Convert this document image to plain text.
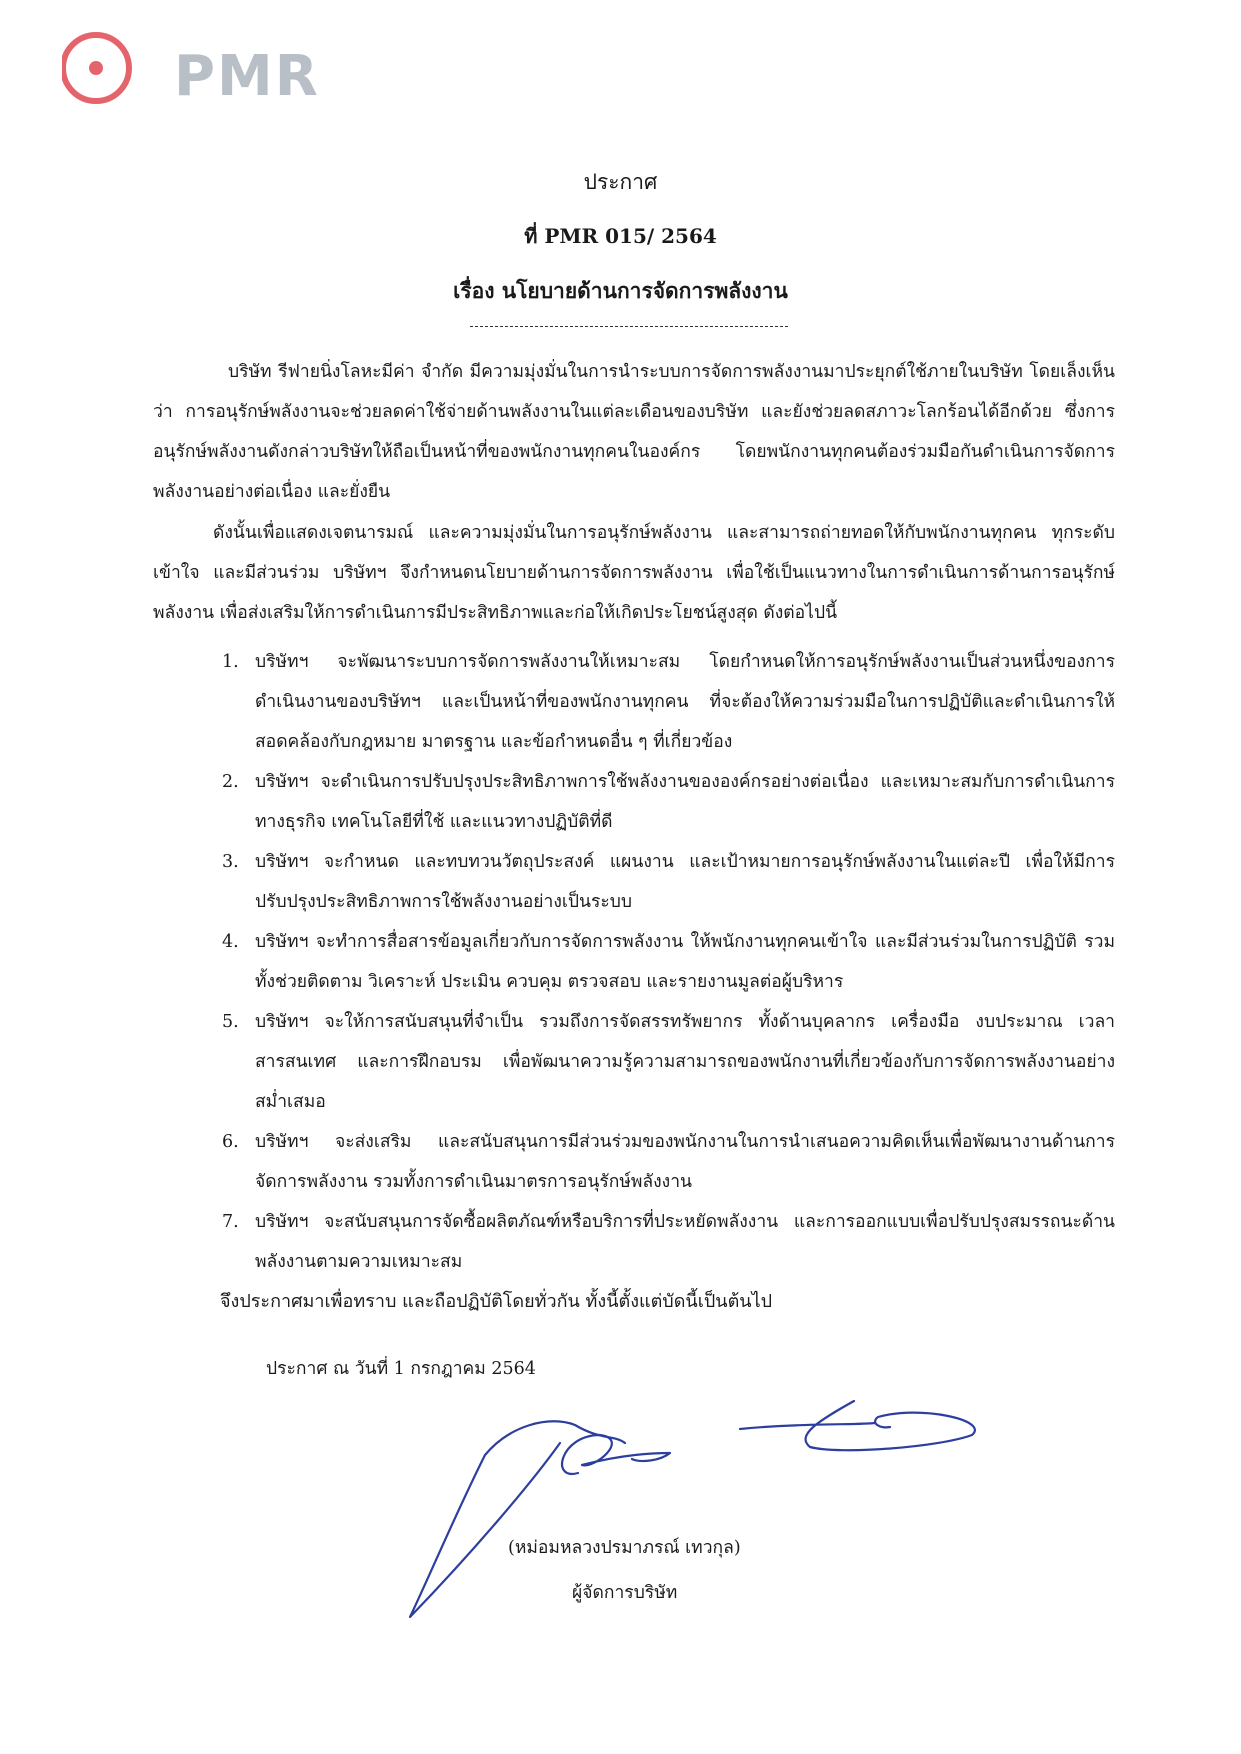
PMR
ประกาศ
ที่ PMR 015/ 2564
เรื่อง นโยบายด้านการจัดการพลังงาน

บริษัท รีฟายนิ่งโลหะมีค่า จำกัด มีความมุ่งมั่นในการนำระบบการจัดการพลังงานมาประยุกต์ใช้ภายในบริษัท โดยเล็งเห็นว่า การอนุรักษ์พลังงานจะช่วยลดค่าใช้จ่ายด้านพลังงานในแต่ละเดือนของบริษัท และยังช่วยลดสภาวะโลกร้อนได้อีกด้วย ซึ่งการอนุรักษ์พลังงานดังกล่าวบริษัทให้ถือเป็นหน้าที่ของพนักงานทุกคนในองค์กร โดยพนักงานทุกคนต้องร่วมมือกันดำเนินการจัดการพลังงานอย่างต่อเนื่อง และยั่งยืน

ดังนั้นเพื่อแสดงเจตนารมณ์ และความมุ่งมั่นในการอนุรักษ์พลังงาน และสามารถถ่ายทอดให้กับพนักงานทุกคน ทุกระดับเข้าใจ และมีส่วนร่วม บริษัทฯ จึงกำหนดนโยบายด้านการจัดการพลังงาน เพื่อใช้เป็นแนวทางในการดำเนินการด้านการอนุรักษ์พลังงาน เพื่อส่งเสริมให้การดำเนินการมีประสิทธิภาพและก่อให้เกิดประโยชน์สูงสุด ดังต่อไปนี้

1. บริษัทฯ จะพัฒนาระบบการจัดการพลังงานให้เหมาะสม โดยกำหนดให้การอนุรักษ์พลังงานเป็นส่วนหนึ่งของการดำเนินงานของบริษัทฯ และเป็นหน้าที่ของพนักงานทุกคน ที่จะต้องให้ความร่วมมือในการปฏิบัติและดำเนินการให้สอดคล้องกับกฎหมาย มาตรฐาน และข้อกำหนดอื่น ๆ ที่เกี่ยวข้อง
2. บริษัทฯ จะดำเนินการปรับปรุงประสิทธิภาพการใช้พลังงานขององค์กรอย่างต่อเนื่อง และเหมาะสมกับการดำเนินการทางธุรกิจ เทคโนโลยีที่ใช้ และแนวทางปฏิบัติที่ดี
3. บริษัทฯ จะกำหนด และทบทวนวัตถุประสงค์ แผนงาน และเป้าหมายการอนุรักษ์พลังงานในแต่ละปี เพื่อให้มีการปรับปรุงประสิทธิภาพการใช้พลังงานอย่างเป็นระบบ
4. บริษัทฯ จะทำการสื่อสารข้อมูลเกี่ยวกับการจัดการพลังงาน ให้พนักงานทุกคนเข้าใจ และมีส่วนร่วมในการปฏิบัติ รวมทั้งช่วยติดตาม วิเคราะห์ ประเมิน ควบคุม ตรวจสอบ และรายงานมูลต่อผู้บริหาร
5. บริษัทฯ จะให้การสนับสนุนที่จำเป็น รวมถึงการจัดสรรทรัพยากร ทั้งด้านบุคลากร เครื่องมือ งบประมาณ เวลา สารสนเทศ และการฝึกอบรม เพื่อพัฒนาความรู้ความสามารถของพนักงานที่เกี่ยวข้องกับการจัดการพลังงานอย่างสม่ำเสมอ
6. บริษัทฯ จะส่งเสริม และสนับสนุนการมีส่วนร่วมของพนักงานในการนำเสนอความคิดเห็นเพื่อพัฒนางานด้านการจัดการพลังงาน รวมทั้งการดำเนินมาตรการอนุรักษ์พลังงาน
7. บริษัทฯ จะสนับสนุนการจัดซื้อผลิตภัณฑ์หรือบริการที่ประหยัดพลังงาน และการออกแบบเพื่อปรับปรุงสมรรถนะด้านพลังงานตามความเหมาะสม
จึงประกาศมาเพื่อทราบ และถือปฏิบัติโดยทั่วกัน ทั้งนี้ตั้งแต่บัดนี้เป็นต้นไป
ประกาศ ณ วันที่ 1 กรกฎาคม 2564
(หม่อมหลวงปรมาภรณ์ เทวกุล)
ผู้จัดการบริษัท
